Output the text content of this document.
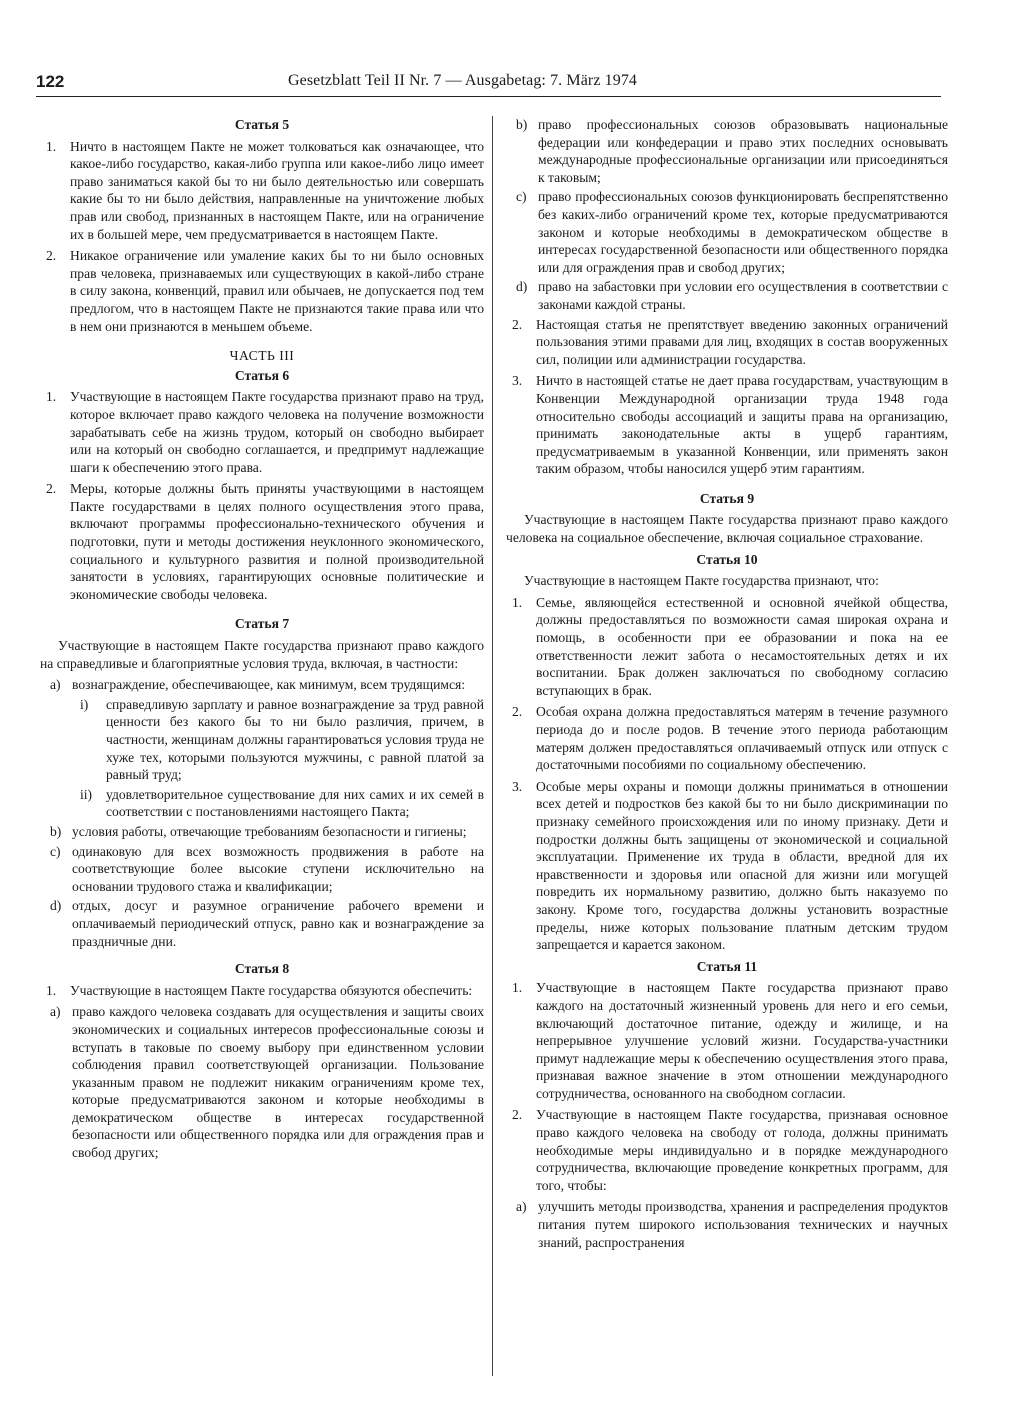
122	Gesetzblatt Teil II Nr. 7 — Ausgabetag: 7. März 1974
Статья 5
1.	Ничто в настоящем Пакте не может толковаться как означающее, что какое-либо государство, какая-либо группа или какое-либо лицо имеет право заниматься какой бы то ни было деятельностью или совершать какие бы то ни было действия, направленные на уничтожение любых прав или свобод, признанных в настоящем Пакте, или на ограничение их в большей мере, чем предусматривается в настоящем Пакте.
2.	Никакое ограничение или умаление каких бы то ни было основных прав человека, признаваемых или существующих в какой-либо стране в силу закона, конвенций, правил или обычаев, не допускается под тем предлогом, что в настоящем Пакте не признаются такие права или что в нем они признаются в меньшем объеме.
ЧАСТЬ III
Статья 6
1.	Участвующие в настоящем Пакте государства признают право на труд, которое включает право каждого человека на получение возможности зарабатывать себе на жизнь трудом, который он свободно выбирает или на который он свободно соглашается, и предпримут надлежащие шаги к обеспечению этого права.
2.	Меры, которые должны быть приняты участвующими в настоящем Пакте государствами в целях полного осуществления этого права, включают программы профессионально-технического обучения и подготовки, пути и методы достижения неуклонного экономического, социального и культурного развития и полной производительной занятости в условиях, гарантирующих основные политические и экономические свободы человека.
Статья 7
Участвующие в настоящем Пакте государства признают право каждого на справедливые и благоприятные условия труда, включая, в частности:
a) вознаграждение, обеспечивающее, как минимум, всем трудящимся:
i)	справедливую зарплату и равное вознаграждение за труд равной ценности без какого бы то ни было различия, причем, в частности, женщинам должны гарантироваться условия труда не хуже тех, которыми пользуются мужчины, с равной платой за равный труд;
ii)	удовлетворительное существование для них самих и их семей в соответствии с постановлениями настоящего Пакта;
b) условия работы, отвечающие требованиям безопасности и гигиены;
c) одинаковую для всех возможность продвижения в работе на соответствующие более высокие ступени исключительно на основании трудового стажа и квалификации;
d) отдых, досуг и разумное ограничение рабочего времени и оплачиваемый периодический отпуск, равно как и вознаграждение за праздничные дни.
Статья 8
1.	Участвующие в настоящем Пакте государства обязуются обеспечить:
a) право каждого человека создавать для осуществления и защиты своих экономических и социальных интересов профессиональные союзы и вступать в таковые по своему выбору при единственном условии соблюдения правил соответствующей организации. Пользование указанным правом не подлежит никаким ограничениям кроме тех, которые предусматриваются законом и которые необходимы в демократическом обществе в интересах государственной безопасности или общественного порядка или для ограждения прав и свобод других;
b) право профессиональных союзов образовывать национальные федерации или конфедерации и право этих последних основывать международные профессиональные организации или присоединяться к таковым;
c) право профессиональных союзов функционировать беспрепятственно без каких-либо ограничений кроме тех, которые предусматриваются законом и которые необходимы в демократическом обществе в интересах государственной безопасности или общественного порядка или для ограждения прав и свобод других;
d) право на забастовки при условии его осуществления в соответствии с законами каждой страны.
2.	Настоящая статья не препятствует введению законных ограничений пользования этими правами для лиц, входящих в состав вооруженных сил, полиции или администрации государства.
3.	Ничто в настоящей статье не дает права государствам, участвующим в Конвенции Международной организации труда 1948 года относительно свободы ассоциаций и защиты права на организацию, принимать законодательные акты в ущерб гарантиям, предусматриваемым в указанной Конвенции, или применять закон таким образом, чтобы наносился ущерб этим гарантиям.
Статья 9
Участвующие в настоящем Пакте государства признают право каждого человека на социальное обеспечение, включая социальное страхование.
Статья 10
Участвующие в настоящем Пакте государства признают, что:
1.	Семье, являющейся естественной и основной ячейкой общества, должны предоставляться по возможности самая широкая охрана и помощь, в особенности при ее образовании и пока на ее ответственности лежит забота о несамостоятельных детях и их воспитании. Брак должен заключаться по свободному согласию вступающих в брак.
2.	Особая охрана должна предоставляться матерям в течение разумного периода до и после родов. В течение этого периода работающим матерям должен предоставляться оплачиваемый отпуск или отпуск с достаточными пособиями по социальному обеспечению.
3.	Особые меры охраны и помощи должны приниматься в отношении всех детей и подростков без какой бы то ни было дискриминации по признаку семейного происхождения или по иному признаку. Дети и подростки должны быть защищены от экономической и социальной эксплуатации. Применение их труда в области, вредной для их нравственности и здоровья или опасной для жизни или могущей повредить их нормальному развитию, должно быть наказуемо по закону. Кроме того, государства должны установить возрастные пределы, ниже которых пользование платным детским трудом запрещается и карается законом.
Статья 11
1.	Участвующие в настоящем Пакте государства признают право каждого на достаточный жизненный уровень для него и его семьи, включающий достаточное питание, одежду и жилище, и на непрерывное улучшение условий жизни. Государства-участники примут надлежащие меры к обеспечению осуществления этого права, признавая важное значение в этом отношении международного сотрудничества, основанного на свободном согласии.
2.	Участвующие в настоящем Пакте государства, признавая основное право каждого человека на свободу от голода, должны принимать необходимые меры индивидуально и в порядке международного сотрудничества, включающие проведение конкретных программ, для того, чтобы:
a) улучшить методы производства, хранения и распределения продуктов питания путем широкого использования технических и научных знаний, распространения
